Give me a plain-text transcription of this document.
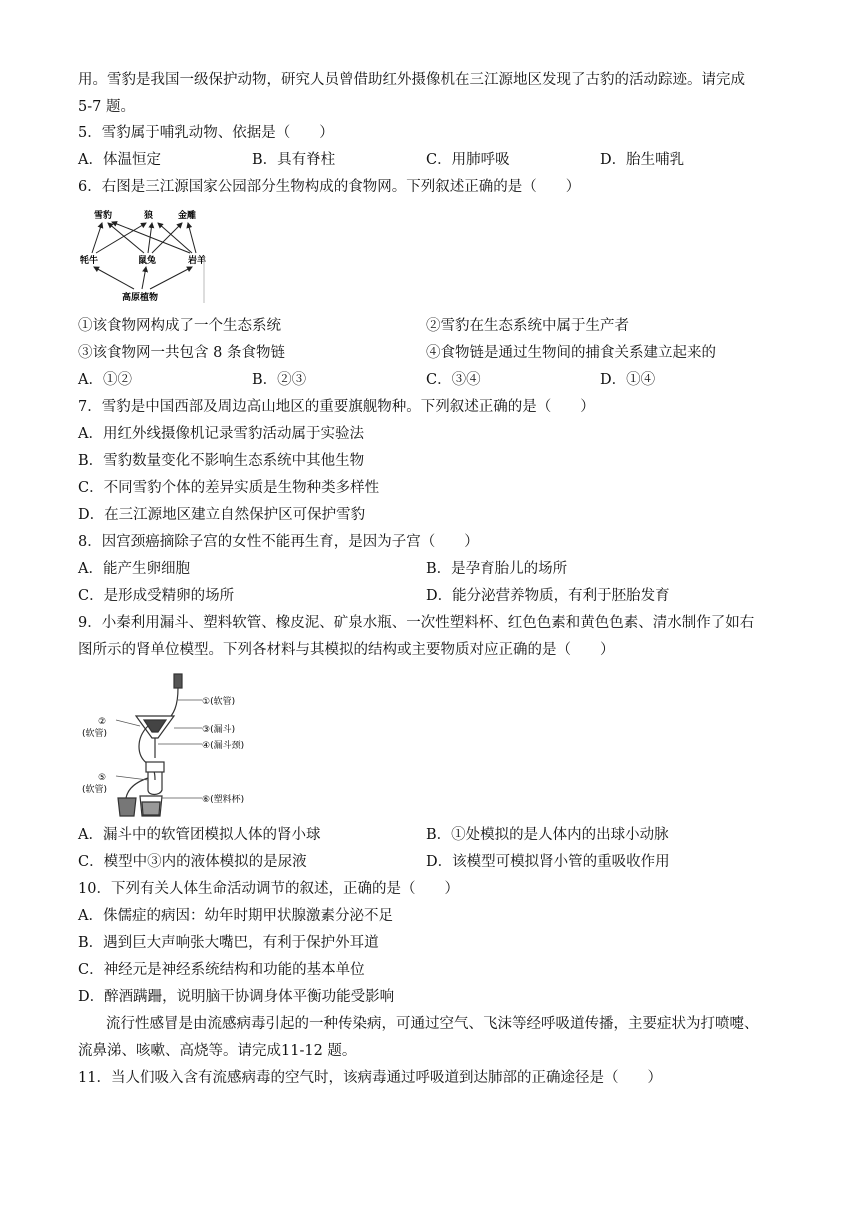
用。雪豹是我国一级保护动物，研究人员曾借助红外摄像机在三江源地区发现了古豹的活动踪迹。请完成
5-7 题。
5．雪豹属于哺乳动物、依据是（　　）
A．体温恒定	B．具有脊柱	C．用肺呼吸	D．胎生哺乳
6．右图是三江源国家公园部分生物构成的食物网。下列叙述正确的是（　　）
雪豹	狼	金雕
牦牛	鼠兔	岩羊
高原植物
①该食物网构成了一个生态系统	②雪豹在生态系统中属于生产者
③该食物网一共包含 8 条食物链	④食物链是通过生物间的捕食关系建立起来的
A．①②	B．②③	C．③④	D．①④
7．雪豹是中国西部及周边高山地区的重要旗舰物种。下列叙述正确的是（　　）
A．用红外线摄像机记录雪豹活动属于实验法
B．雪豹数量变化不影响生态系统中其他生物
C．不同雪豹个体的差异实质是生物种类多样性
D．在三江源地区建立自然保护区可保护雪豹
8．因宫颈癌摘除子宫的女性不能再生育，是因为子宫（　　）
A．能产生卵细胞	B．是孕育胎儿的场所
C．是形成受精卵的场所	D．能分泌营养物质，有利于胚胎发育
9．小秦利用漏斗、塑料软管、橡皮泥、矿泉水瓶、一次性塑料杯、红色色素和黄色色素、清水制作了如右
图所示的肾单位模型。下列各材料与其模拟的结构或主要物质对应正确的是（　　）
①(软管)
②
(软管)	③(漏斗)
④(漏斗颈)
⑤
(软管)
⑥(塑料杯)
A．漏斗中的软管团模拟人体的肾小球	B．①处模拟的是人体内的出球小动脉
C．模型中③内的液体模拟的是尿液	D．该模型可模拟肾小管的重吸收作用
10．下列有关人体生命活动调节的叙述，正确的是（　　）
A．侏儒症的病因：幼年时期甲状腺激素分泌不足
B．遇到巨大声响张大嘴巴，有利于保护外耳道
C．神经元是神经系统结构和功能的基本单位
D．醉酒蹒跚，说明脑干协调身体平衡功能受影响
流行性感冒是由流感病毒引起的一种传染病，可通过空气、飞沫等经呼吸道传播，主要症状为打喷嚏、
流鼻涕、咳嗽、高烧等。请完成11-12 题。
11．当人们吸入含有流感病毒的空气时，该病毒通过呼吸道到达肺部的正确途径是（　　）
